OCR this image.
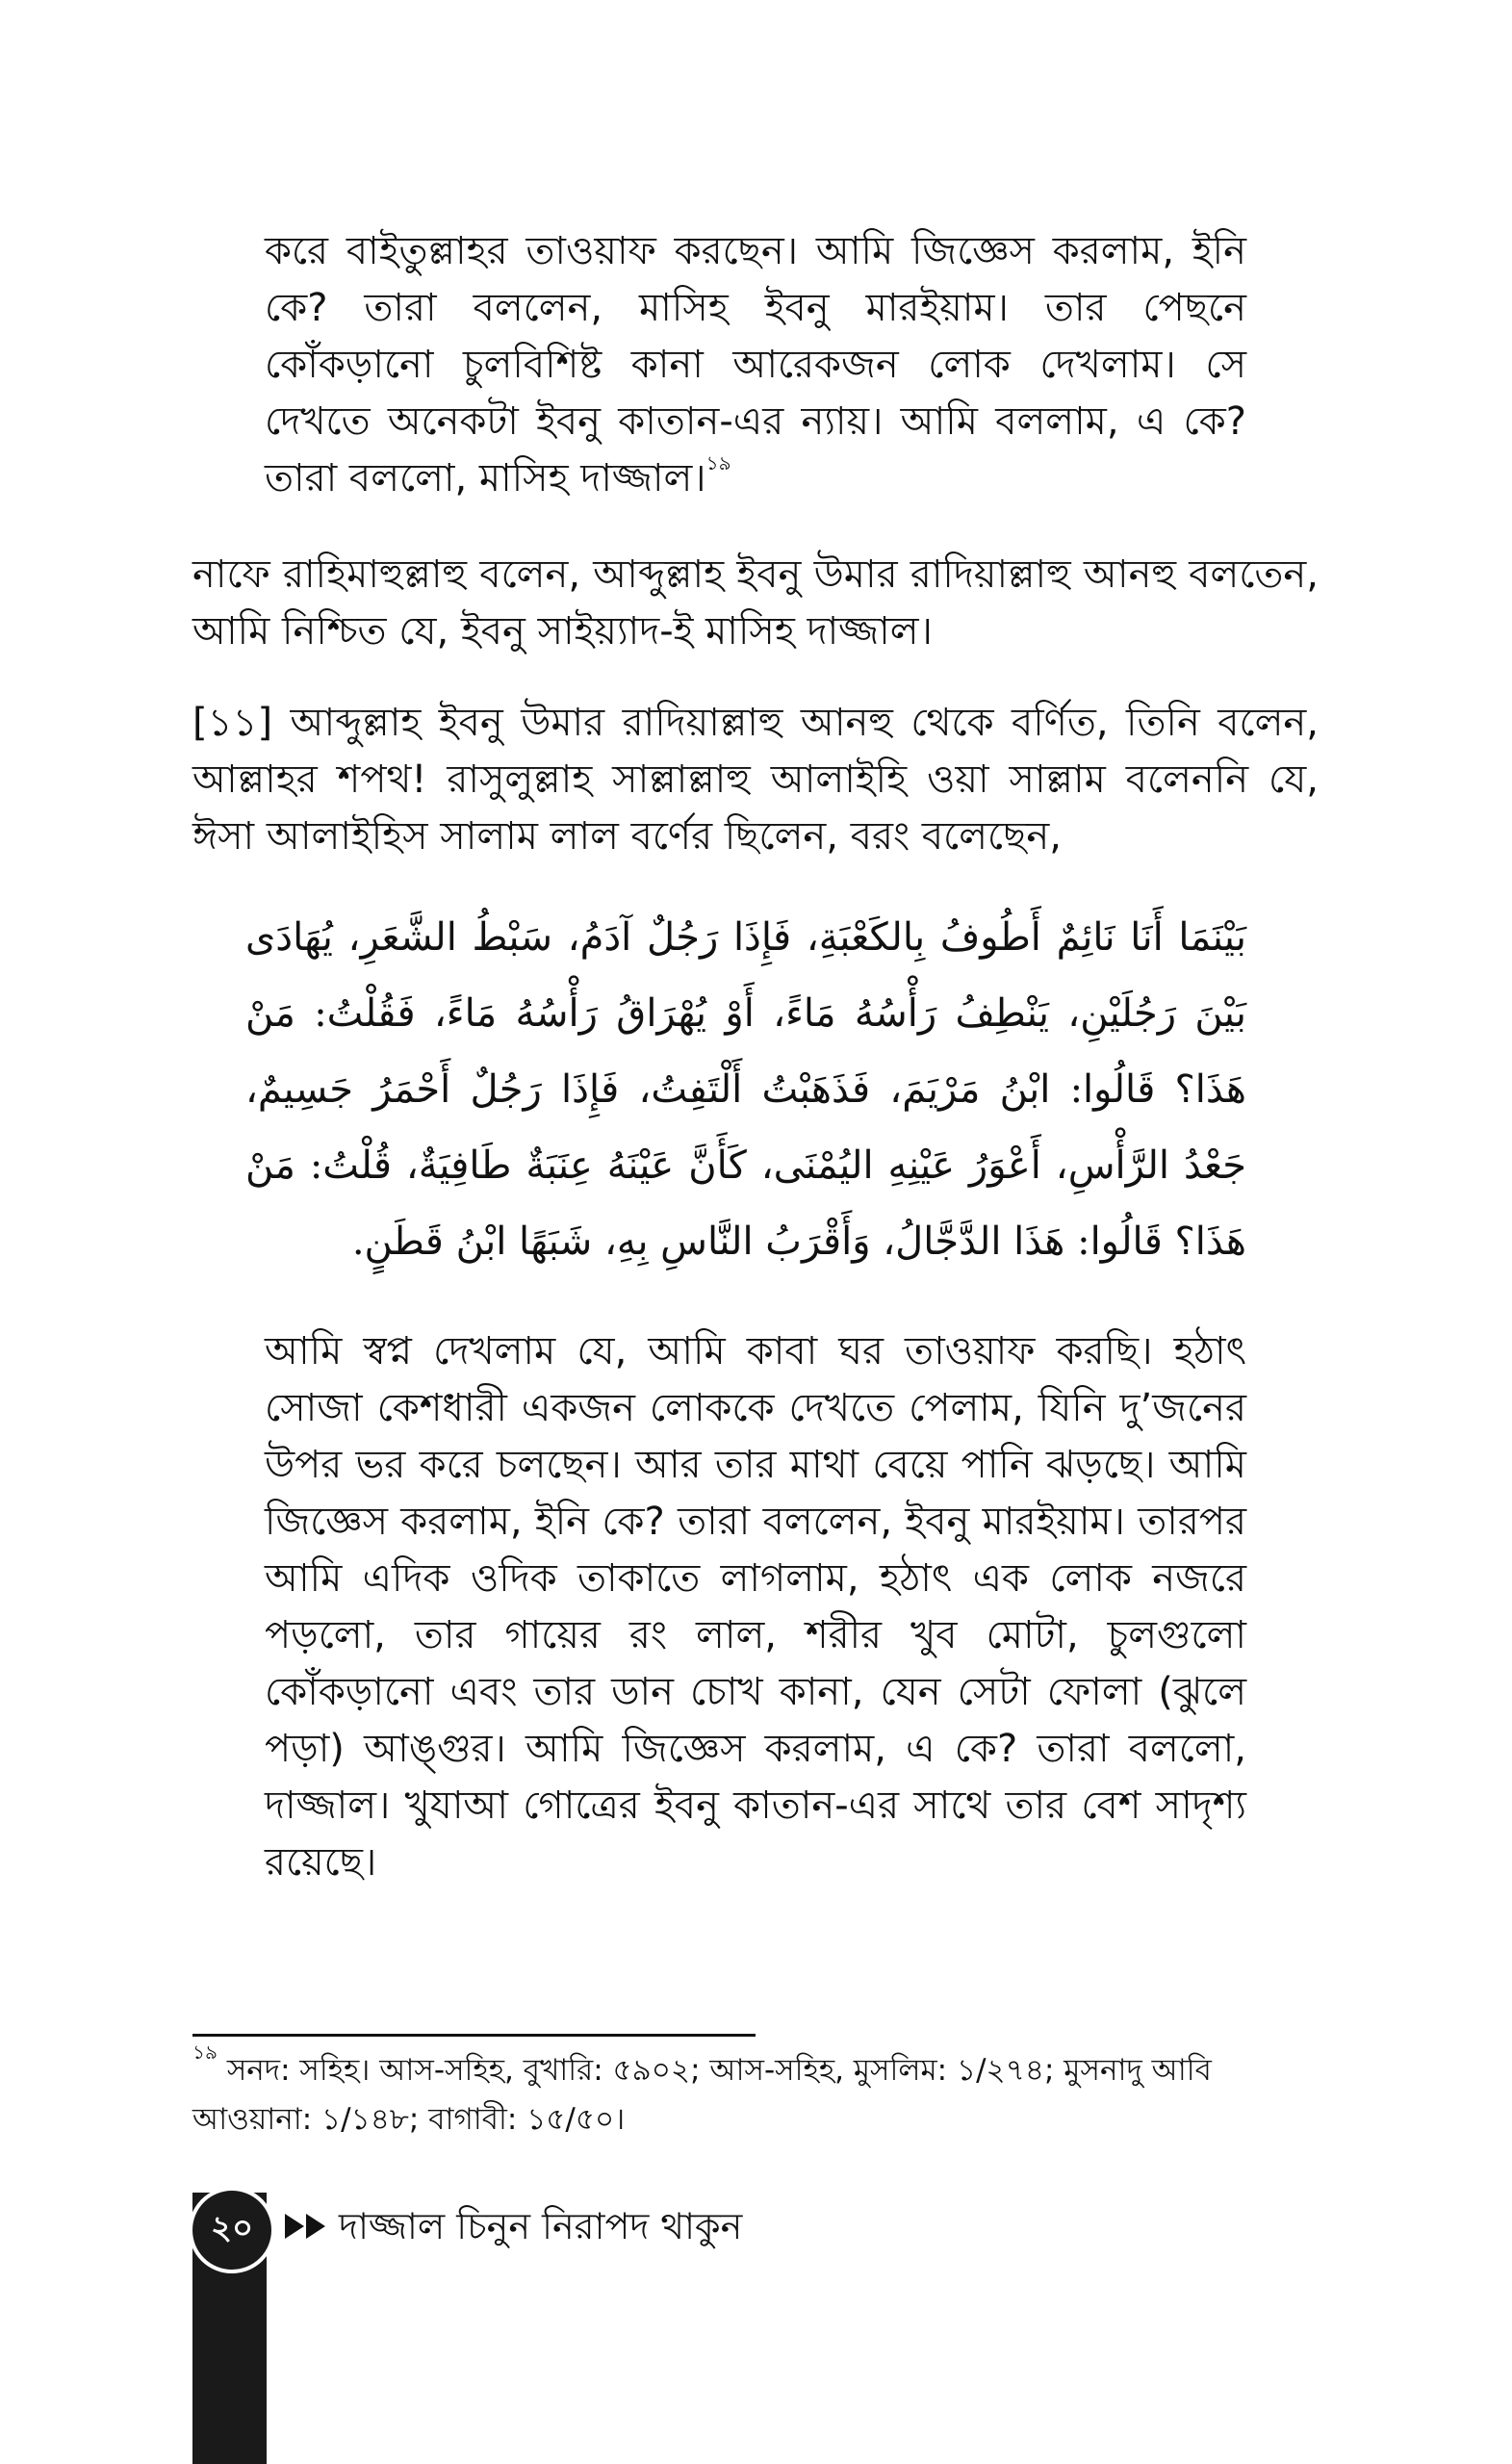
করে বাইতুল্লাহর তাওয়াফ করছেন। আমি জিজ্ঞেস করলাম, ইনি কে? তারা বললেন, মাসিহ ইবনু মারইয়াম। তার পেছনে কোঁকড়ানো চুলবিশিষ্ট কানা আরেকজন লোক দেখলাম। সে দেখতে অনেকটা ইবনু কাতান-এর ন্যায়। আমি বললাম, এ কে? তারা বললো, মাসিহ দাজ্জাল।$^{১৯}$

নাফে রাহিমাহুল্লাহু বলেন, আব্দুল্লাহ ইবনু উমার রাদিয়াল্লাহু আনহু বলতেন, আমি নিশ্চিত যে, ইবনু সাইয়্যাদ-ই মাসিহ দাজ্জাল।

[১১] আব্দুল্লাহ ইবনু উমার রাদিয়াল্লাহু আনহু থেকে বর্ণিত, তিনি বলেন, আল্লাহর শপথ! রাসুলুল্লাহ সাল্লাল্লাহু আলাইহি ওয়া সাল্লাম বলেননি যে, ঈসা আলাইহিস সালাম লাল বর্ণের ছিলেন, বরং বলেছেন,

بَيْنَمَا أَنَا نَائِمٌ أَطُوفُ بِالكَعْبَةِ، فَإِذَا رَجُلٌ آدَمُ، سَبْطُ الشَّعَرِ، يُهَادَى بَيْنَ رَجُلَيْنِ، يَنْطِفُ رَأْسُهُ مَاءً، أَوْ يُهْرَاقُ رَأْسُهُ مَاءً، فَقُلْتُ: مَنْ هَذَا؟ قَالُوا: ابْنُ مَرْيَمَ، فَذَهَبْتُ أَلْتَفِتُ، فَإِذَا رَجُلٌ أَحْمَرُ جَسِيمٌ، جَعْدُ الرَّأْسِ، أَعْوَرُ عَيْنِهِ اليُمْنَى، كَأَنَّ عَيْنَهُ عِنَبَةٌ طَافِيَةٌ، قُلْتُ: مَنْ هَذَا؟ قَالُوا: هَذَا الدَّجَّالُ، وَأَقْرَبُ النَّاسِ بِهِ، شَبَهًا ابْنُ قَطَنٍ.

আমি স্বপ্ন দেখলাম যে, আমি কাবা ঘর তাওয়াফ করছি। হঠাৎ সোজা কেশধারী একজন লোককে দেখতে পেলাম, যিনি দু’জনের উপর ভর করে চলছেন। আর তার মাথা বেয়ে পানি ঝড়ছে। আমি জিজ্ঞেস করলাম, ইনি কে? তারা বললেন, ইবনু মারইয়াম। তারপর আমি এদিক ওদিক তাকাতে লাগলাম, হঠাৎ এক লোক নজরে পড়লো, তার গায়ের রং লাল, শরীর খুব মোটা, চুলগুলো কোঁকড়ানো এবং তার ডান চোখ কানা, যেন সেটা ফোলা (ঝুলে পড়া) আঙ্গুর। আমি জিজ্ঞেস করলাম, এ কে? তারা বললো, দাজ্জাল। খুযাআ গোত্রের ইবনু কাতান-এর সাথে তার বেশ সাদৃশ্য রয়েছে।

$^{১৯}$ সনদ: সহিহ। আস-সহিহ, বুখারি: ৫৯০২; আস-সহিহ, মুসলিম: ১/২৭৪; মুসনাদু আবি আওয়ানা: ১/১৪৮; বাগাবী: ১৫/৫০।

২০	দাজ্জাল চিনুন নিরাপদ থাকুন
